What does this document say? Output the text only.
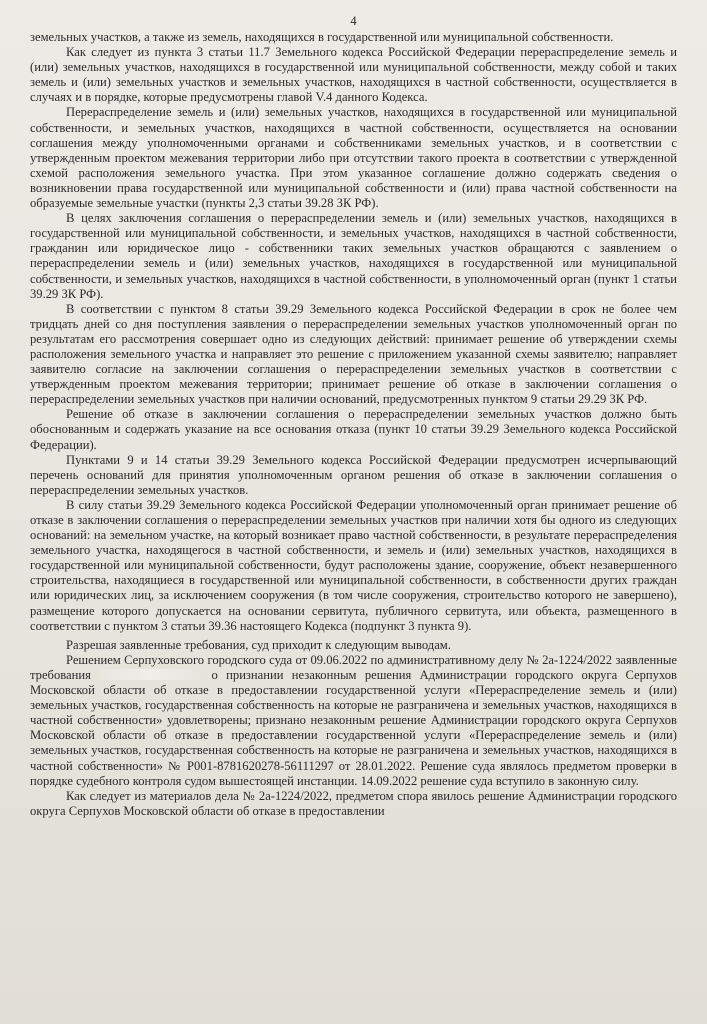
4

земельных участков, а также из земель, находящихся в государственной или муниципальной собственности.

Как следует из пункта 3 статьи 11.7 Земельного кодекса Российской Федерации перераспределение земель и (или) земельных участков, находящихся в государственной или муниципальной собственности, между собой и таких земель и (или) земельных участков и земельных участков, находящихся в частной собственности, осуществляется в случаях и в порядке, которые предусмотрены главой V.4 данного Кодекса.

Перераспределение земель и (или) земельных участков, находящихся в государственной или муниципальной собственности, и земельных участков, находящихся в частной собственности, осуществляется на основании соглашения между уполномоченными органами и собственниками земельных участков, и в соответствии с утвержденным проектом межевания территории либо при отсутствии такого проекта в соответствии с утвержденной схемой расположения земельного участка. При этом указанное соглашение должно содержать сведения о возникновении права государственной или муниципальной собственности и (или) права частной собственности на образуемые земельные участки (пункты 2,3 статьи 39.28 ЗК РФ).

В целях заключения соглашения о перераспределении земель и (или) земельных участков, находящихся в государственной или муниципальной собственности, и земельных участков, находящихся в частной собственности, гражданин или юридическое лицо - собственники таких земельных участков обращаются с заявлением о перераспределении земель и (или) земельных участков, находящихся в государственной или муниципальной собственности, и земельных участков, находящихся в частной собственности, в уполномоченный орган (пункт 1 статьи 39.29 ЗК РФ).

В соответствии с пунктом 8 статьи 39.29 Земельного кодекса Российской Федерации в срок не более чем тридцать дней со дня поступления заявления о перераспределении земельных участков уполномоченный орган по результатам его рассмотрения совершает одно из следующих действий: принимает решение об утверждении схемы расположения земельного участка и направляет это решение с приложением указанной схемы заявителю; направляет заявителю согласие на заключении соглашения о перераспределении земельных участков в соответствии с утвержденным проектом межевания территории; принимает решение об отказе в заключении соглашения о перераспределении земельных участков при наличии оснований, предусмотренных пунктом 9 статьи 29.29 ЗК РФ.

Решение об отказе в заключении соглашения о перераспределении земельных участков должно быть обоснованным и содержать указание на все основания отказа (пункт 10 статьи 39.29 Земельного кодекса Российской Федерации).

Пунктами 9 и 14 статьи 39.29 Земельного кодекса Российской Федерации предусмотрен исчерпывающий перечень оснований для принятия уполномоченным органом решения об отказе в заключении соглашения о перераспределении земельных участков.

В силу статьи 39.29 Земельного кодекса Российской Федерации уполномоченный орган принимает решение об отказе в заключении соглашения о перераспределении земельных участков при наличии хотя бы одного из следующих оснований: на земельном участке, на который возникает право частной собственности, в результате перераспределения земельного участка, находящегося в частной собственности, и земель и (или) земельных участков, находящихся в государственной или муниципальной собственности, будут расположены здание, сооружение, объект незавершенного строительства, находящиеся в государственной или муниципальной собственности, в собственности других граждан или юридических лиц, за исключением сооружения (в том числе сооружения, строительство которого не завершено), размещение которого допускается на основании сервитута, публичного сервитута, или объекта, размещенного в соответствии с пунктом 3 статьи 39.36 настоящего Кодекса (подпункт 3 пункта 9).

Разрешая заявленные требования, суд приходит к следующим выводам.

Решением Серпуховского городского суда от 09.06.2022 по административному делу № 2а-1224/2022 заявленные требования	о признании незаконным решения Администрации городского округа Серпухов Московской области об отказе в предоставлении государственной услуги «Перераспределение земель и (или) земельных участков, государственная собственность на которые не разграничена и земельных участков, находящихся в частной собственности» удовлетворены; признано незаконным решение Администрации городского округа Серпухов Московской области об отказе в предоставлении государственной услуги «Перераспределение земель и (или) земельных участков, государственная собственность на которые не разграничена и земельных участков, находящихся в частной собственности» № Р001-8781620278-56111297 от 28.01.2022. Решение суда являлось предметом проверки в порядке судебного контроля судом вышестоящей инстанции. 14.09.2022 решение суда вступило в законную силу.

Как следует из материалов дела № 2а-1224/2022, предметом спора явилось решение Администрации городского округа Серпухов Московской области об отказе в предоставлении
